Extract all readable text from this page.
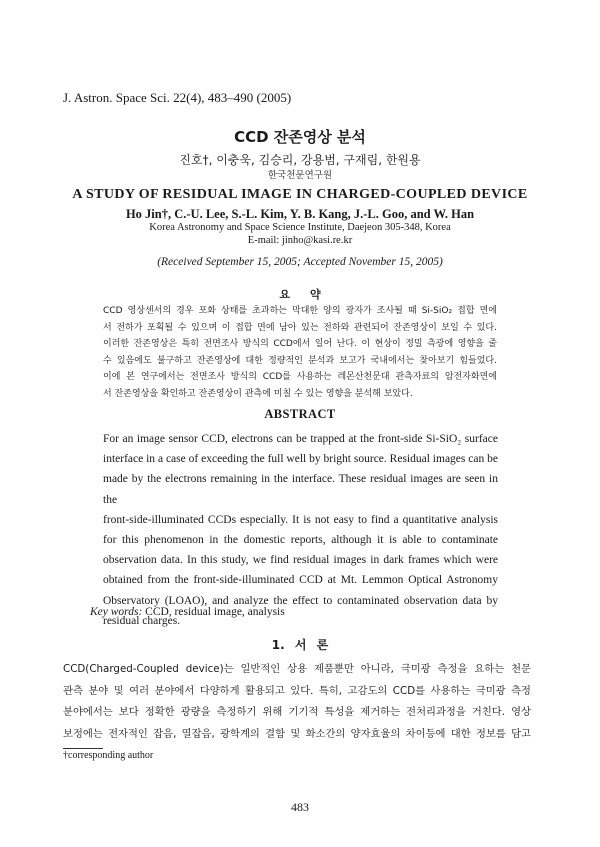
J. Astron. Space Sci. 22(4), 483–490 (2005)
CCD 잔존영상 분석
진호†, 이충욱, 김승리, 강용범, 구재림, 한원용
한국천문연구원
A STUDY OF RESIDUAL IMAGE IN CHARGED-COUPLED DEVICE
Ho Jin†, C.-U. Lee, S.-L. Kim, Y. B. Kang, J.-L. Goo, and W. Han
Korea Astronomy and Space Science Institute, Daejeon 305-348, Korea
E-mail: jinho@kasi.re.kr
(Received September 15, 2005; Accepted November 15, 2005)
요약
CCD 영상센서의 경우 포화 상태를 초과하는 막대한 양의 광자가 조사될 때 Si-SiO₂ 접합 면에
서 전하가 포획될 수 있으며 이 접합 면에 남아 있는 전하와 관련되어 잔존영상이 보일 수 있다.
이러한 잔존영상은 특히 전면조사 방식의 CCD에서 일어 난다. 이 현상이 정밀 측광에 영향을 줄
수 있음에도 불구하고 잔존영상에 대한 정량적인 분석과 보고가 국내에서는 찾아보기 힘들었다.
이에 본 연구에서는 전면조사 방식의 CCD를 사용하는 레몬산천문대 관측자료의 암전자화면에
서 잔존영상을 확인하고 잔존영상이 관측에 미칠 수 있는 영향을 분석해 보았다.
ABSTRACT
For an image sensor CCD, electrons can be trapped at the front-side Si-SiO₂ surface
interface in a case of exceeding the full well by bright source. Residual images can be
made by the electrons remaining in the interface. These residual images are seen in the
front-side-illuminated CCDs especially. It is not easy to find a quantitative analysis
for this phenomenon in the domestic reports, although it is able to contaminate
observation data. In this study, we find residual images in dark frames which were
obtained from the front-side-illuminated CCD at Mt. Lemmon Optical Astronomy
Observatory (LOAO), and analyze the effect to contaminated observation data by
residual charges.
Key words: CCD, residual image, analysis
1. 서 론
CCD(Charged-Coupled device)는 일반적인 상용 제품뿐만 아니라, 극미광 측정을 요하는 천문
관측 분야 및 여러 분야에서 다양하게 활용되고 있다. 특히, 고감도의 CCD를 사용하는 극미광 측정
분야에서는 보다 정확한 광량을 측정하기 위해 기기적 특성을 제거하는 전처리과정을 거친다. 영상
보정에는 전자적인 잡음, 열잡음, 광학계의 결함 및 화소간의 양자효율의 차이등에 대한 정보를 담고
†corresponding author
483
